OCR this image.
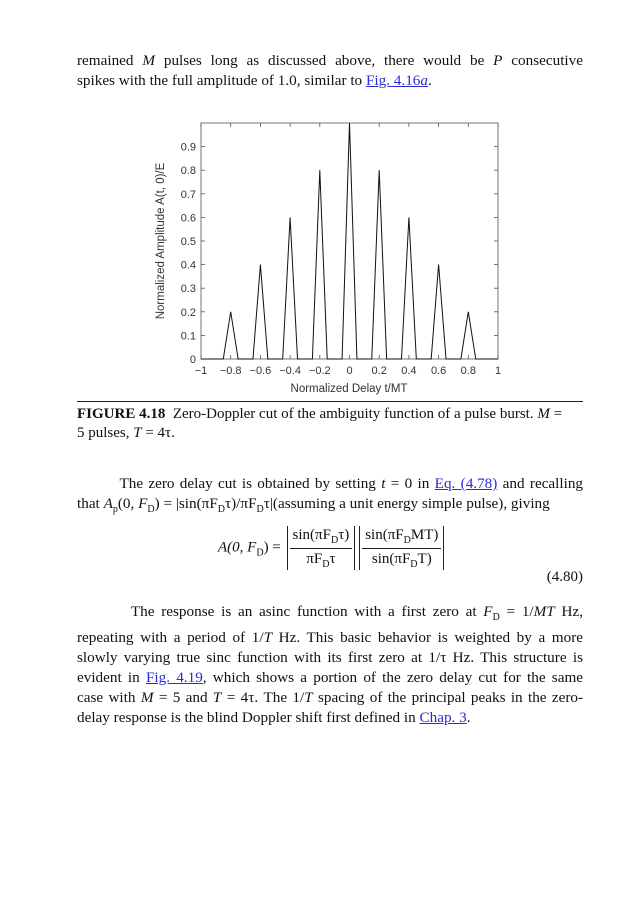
remained M pulses long as discussed above, there would be P consecutive
spikes with the full amplitude of 1.0, similar to Fig. 4.16a.

0
0.1
0.2
0.3
0.4
0.5
0.6
0.7
0.8
0.9
−1 −0.8 −0.6 −0.4 −0.2 0 0.2 0.4 0.6 0.8 1
Normalized Delay t/MT
Normalized Amplitude A(t, 0)/E

FIGURE 4.18 Zero-Doppler cut of the ambiguity function of a pulse burst. M =
5 pulses, T = 4τ.

The zero delay cut is obtained by setting t = 0 in Eq. (4.78) and recalling
that $A_p(0$, $F_D$) = $|\sin(\pi F_D\tau)/\pi F_D\tau|(assuming$ a unit energy simple pulse), giving

A(0, $F_D) = \frac{\sin(\pi F_D\tau)}{\pi F_D\tau} \frac{\sin(\pi F_DMT)}{\sin(\pi F_DT)}$
(4.80)

The response is an asinc function with a first zero at $F_D = 1/MT$ Hz,
repeating with a period of 1/T Hz. This basic behavior is weighted by a more
slowly varying true sinc function with its first zero at 1/τ Hz. This structure is
evident in Fig. 4.19, which shows a portion of the zero delay cut for the same
case with M = 5 and T = 4τ. The 1/T spacing of the principal peaks in the zero-
delay response is the blind Doppler shift first defined in Chap. 3.
